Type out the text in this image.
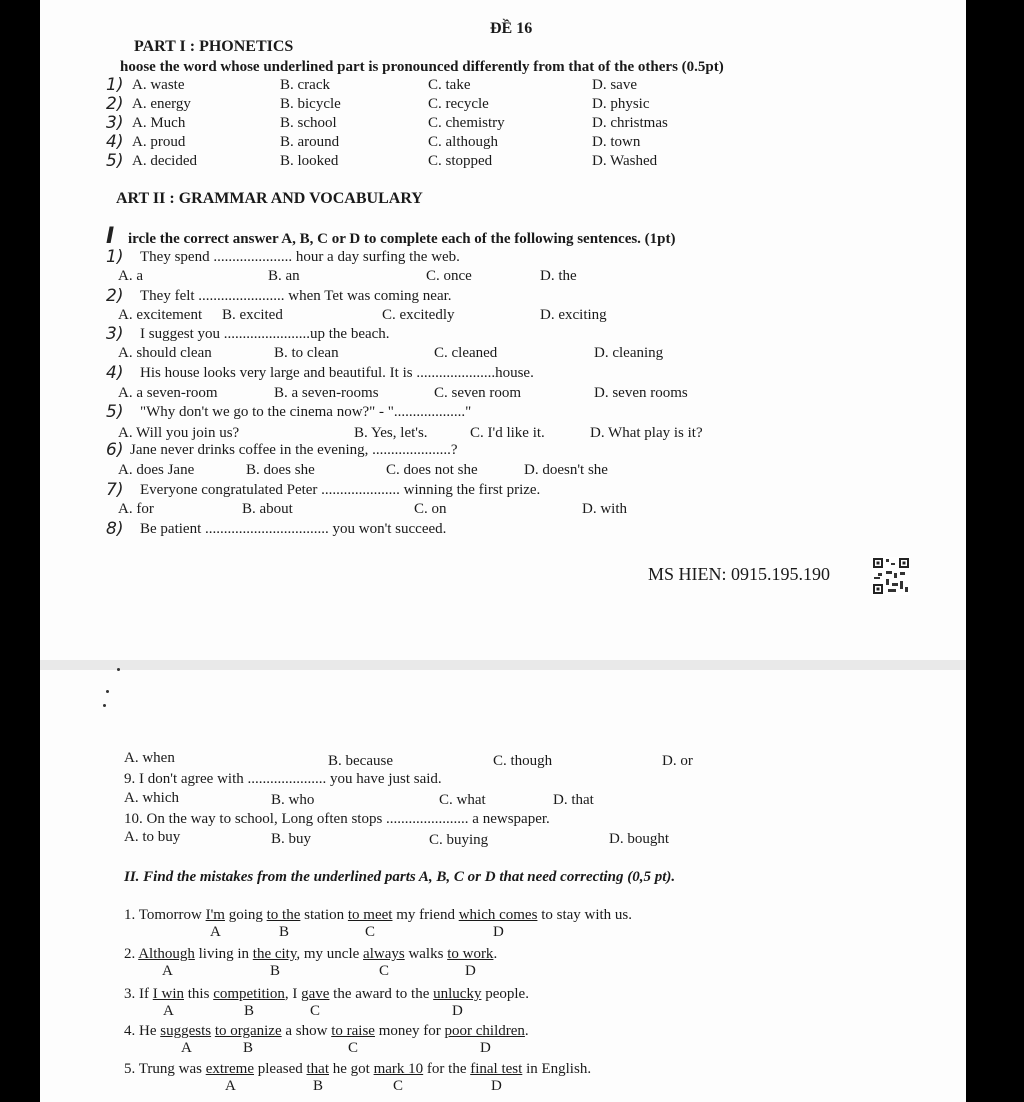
ĐỀ 16
PART I : PHONETICS
hoose the word whose underlined part is pronounced differently from that of the others (0.5pt)
1) A. waste	B. crack	C. take	D. save
2) A. energy	B. bicycle	C. recycle	D. physic
3) A. Much	B. school	C. chemistry	D. christmas
4) A. proud	B. around	C. although	D. town
5) A. decided	B. looked	C. stopped	D. Washed
ART II : GRAMMAR AND VOCABULARY
I ircle the correct answer A, B, C or D to complete each of the following sentences. (1pt)
1) They spend ..................... hour a day surfing the web.
A. a	B. an	C. once	D. the
2) They felt ....................... when Tet was coming near.
A. excitement B. excited	C. excitedly	D. exciting
3) I suggest you .......................up the beach.
A. should clean	B. to clean	C. cleaned	D. cleaning
4) His house looks very large and beautiful. It is .....................house.
A. a seven-room	B. a seven-rooms	C. seven room	D. seven rooms
5) "Why don't we go to the cinema now?" - "..................."
A. Will you join us?	B. Yes, let's.	C. I'd like it.	D. What play is it?
6) Jane never drinks coffee in the evening, .....................?
A. does Jane	B. does she	C. does not she	D. doesn't she
7) Everyone congratulated Peter ..................... winning the first prize.
A. for	B. about	C. on	D. with
8) Be patient ................................. you won't succeed.
MS HIEN: 0915.195.190
A. when	B. because	C. though	D. or
9. I don't agree with ..................... you have just said.
A. which	B. who	C. what	D. that
10. On the way to school, Long often stops ...................... a newspaper.
A. to buy	B. buy	C. buying	D. bought
II. Find the mistakes from the underlined parts A, B, C or D that need correcting (0,5 pt).
1. Tomorrow I'm going to the station to meet my friend which comes to stay with us.
A	B	C	D
2. Although living in the city, my uncle always walks to work.
A	B	C	D
3. If I win this competition, I gave the award to the unlucky people.
A	B	C	D
4. He suggests to organize a show to raise money for poor children.
A	B	C	D
5. Trung was extreme pleased that he got mark 10 for the final test in English.
A	B	C	D
